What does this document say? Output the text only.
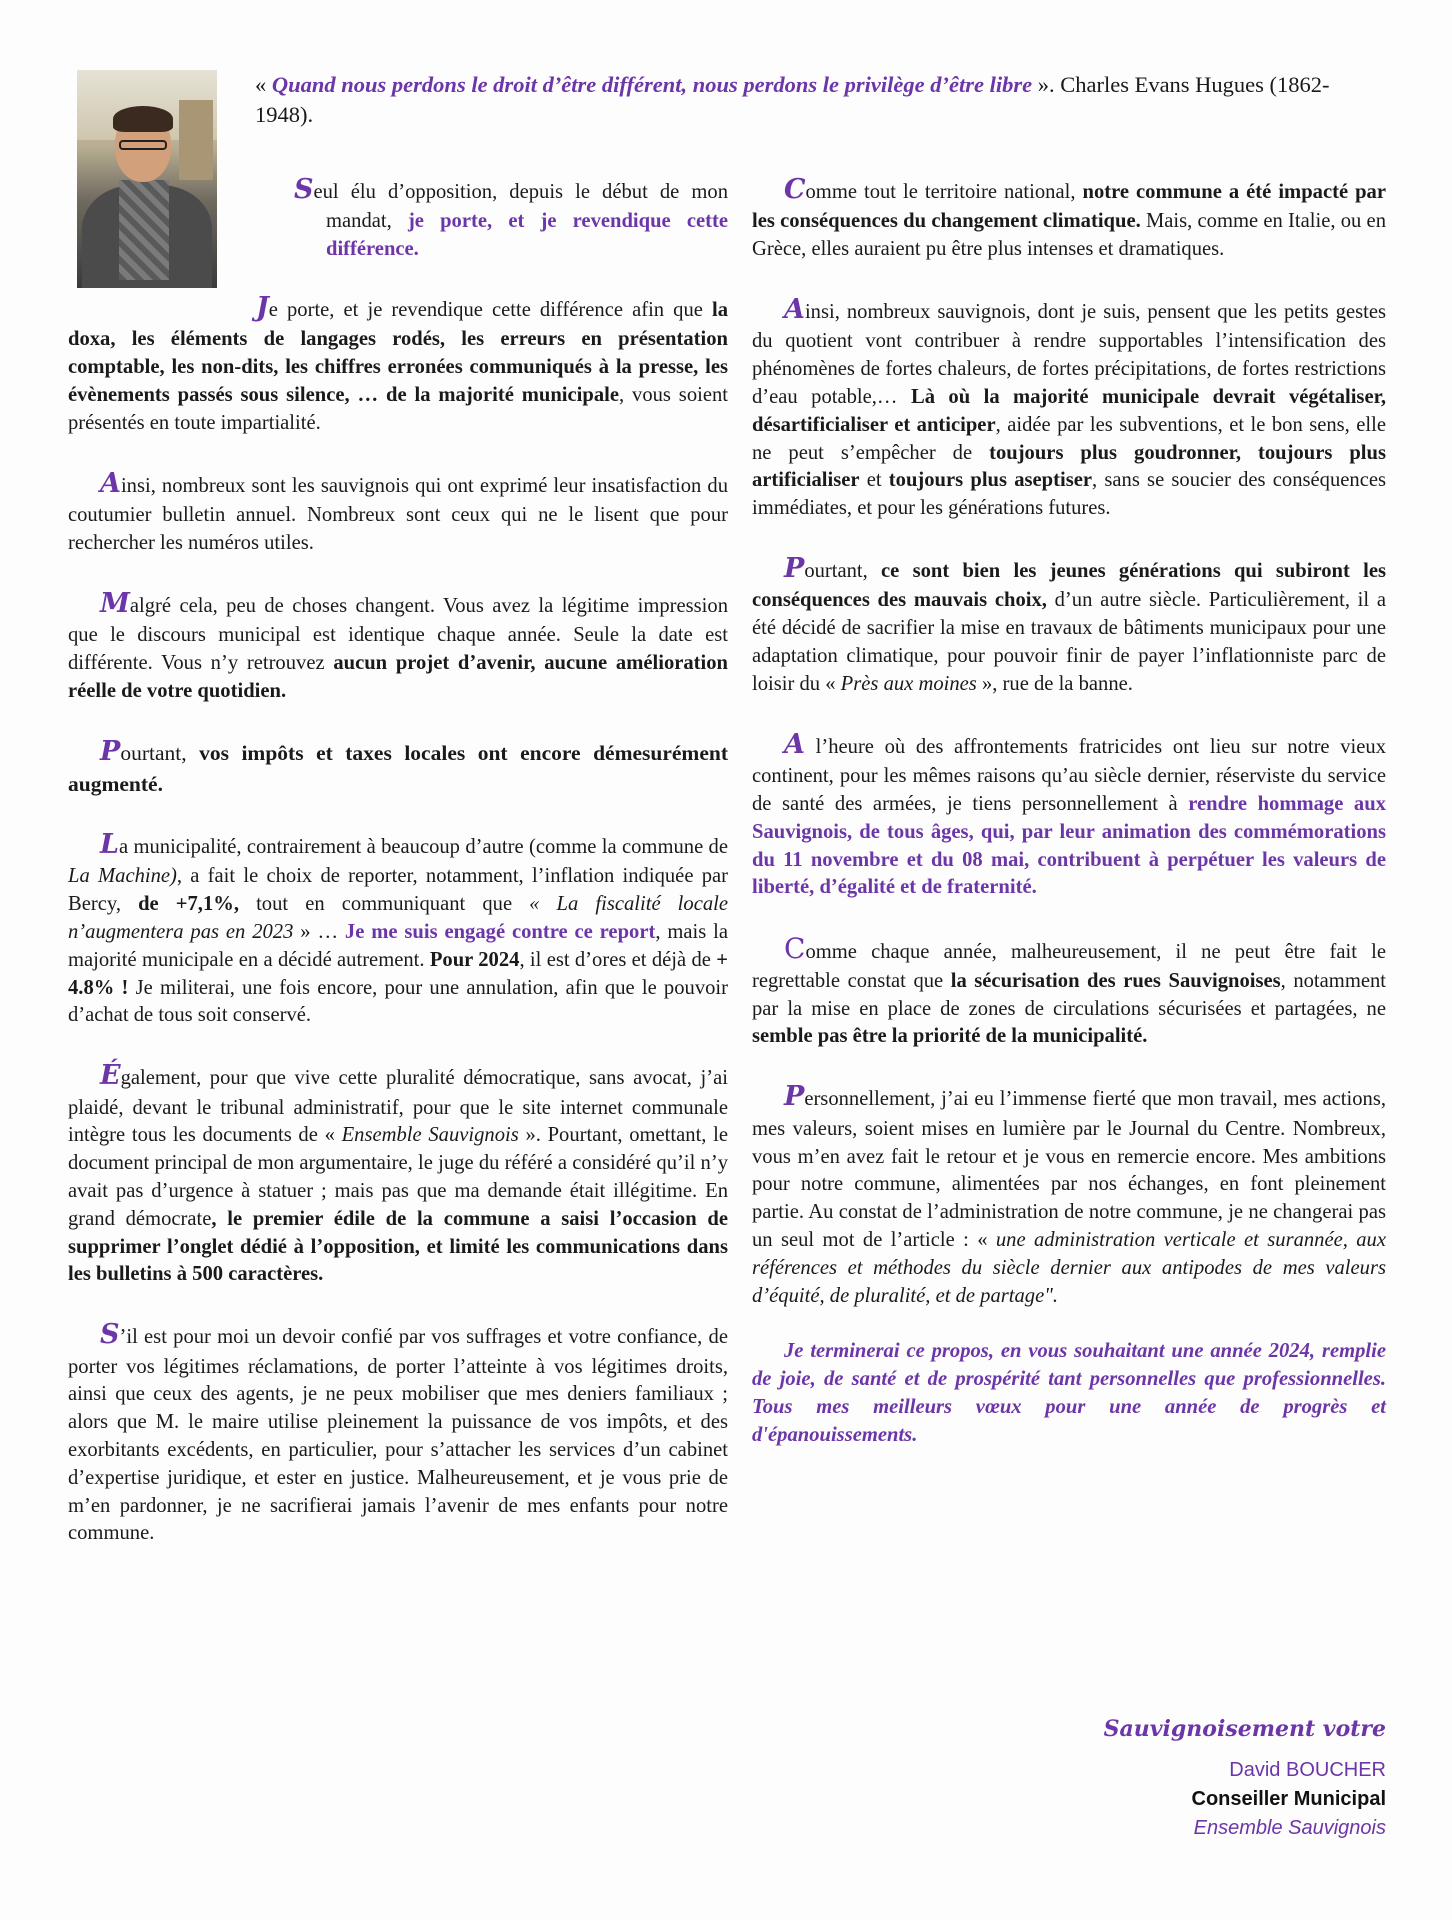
« Quand nous perdons le droit d’être différent, nous perdons le privilège d’être libre ». Charles Evans Hugues (1862-1948).

Seul élu d’opposition, depuis le début de mon mandat, je porte, et je revendique cette différence.

Je porte, et je revendique cette différence afin que la doxa, les éléments de langages rodés, les erreurs en présentation comptable, les non-dits, les chiffres erronées communiqués à la presse, les évènements passés sous silence, … de la majorité municipale, vous soient présentés en toute impartialité.

Ainsi, nombreux sont les sauvignois qui ont exprimé leur insatisfaction du coutumier bulletin annuel. Nombreux sont ceux qui ne le lisent que pour rechercher les numéros utiles.

Malgré cela, peu de choses changent. Vous avez la légitime impression que le discours municipal est identique chaque année. Seule la date est différente. Vous n’y retrouvez aucun projet d’avenir, aucune amélioration réelle de votre quotidien.

Pourtant, vos impôts et taxes locales ont encore démesurément augmenté.

La municipalité, contrairement à beaucoup d’autre (comme la commune de La Machine), a fait le choix de reporter, notamment, l’inflation indiquée par Bercy, de +7,1%, tout en communiquant que « La fiscalité locale n’augmentera pas en 2023 » … Je me suis engagé contre ce report, mais la majorité municipale en a décidé autrement. Pour 2024, il est d’ores et déjà de + 4.8% ! Je militerai, une fois encore, pour une annulation, afin que le pouvoir d’achat de tous soit conservé.

Également, pour que vive cette pluralité démocratique, sans avocat, j’ai plaidé, devant le tribunal administratif, pour que le site internet communale intègre tous les documents de « Ensemble Sauvignois ». Pourtant, omettant, le document principal de mon argumentaire, le juge du référé a considéré qu’il n’y avait pas d’urgence à statuer ; mais pas que ma demande était illégitime. En grand démocrate, le premier édile de la commune a saisi l’occasion de supprimer l’onglet dédié à l’opposition, et limité les communications dans les bulletins à 500 caractères.

S’il est pour moi un devoir confié par vos suffrages et votre confiance, de porter vos légitimes réclamations, de porter l’atteinte à vos légitimes droits, ainsi que ceux des agents, je ne peux mobiliser que mes deniers familiaux ; alors que M. le maire utilise pleinement la puissance de vos impôts, et des exorbitants excédents, en particulier, pour s’attacher les services d’un cabinet d’expertise juridique, et ester en justice. Malheureusement, et je vous prie de m’en pardonner, je ne sacrifierai jamais l’avenir de mes enfants pour notre commune.

Comme tout le territoire national, notre commune a été impacté par les conséquences du changement climatique. Mais, comme en Italie, ou en Grèce, elles auraient pu être plus intenses et dramatiques.

Ainsi, nombreux sauvignois, dont je suis, pensent que les petits gestes du quotient vont contribuer à rendre supportables l’intensification des phénomènes de fortes chaleurs, de fortes précipitations, de fortes restrictions d’eau potable,… Là où la majorité municipale devrait végétaliser, désartificialiser et anticiper, aidée par les subventions, et le bon sens, elle ne peut s’empêcher de toujours plus goudronner, toujours plus artificialiser et toujours plus aseptiser, sans se soucier des conséquences immédiates, et pour les générations futures.

Pourtant, ce sont bien les jeunes générations qui subiront les conséquences des mauvais choix, d’un autre siècle. Particulièrement, il a été décidé de sacrifier la mise en travaux de bâtiments municipaux pour une adaptation climatique, pour pouvoir finir de payer l’inflationniste parc de loisir du « Près aux moines », rue de la banne.

A l’heure où des affrontements fratricides ont lieu sur notre vieux continent, pour les mêmes raisons qu’au siècle dernier, réserviste du service de santé des armées, je tiens personnellement à rendre hommage aux Sauvignois, de tous âges, qui, par leur animation des commémorations du 11 novembre et du 08 mai, contribuent à perpétuer les valeurs de liberté, d’égalité et de fraternité.

Comme chaque année, malheureusement, il ne peut être fait le regrettable constat que la sécurisation des rues Sauvignoises, notamment par la mise en place de zones de circulations sécurisées et partagées, ne semble pas être la priorité de la municipalité.

Personnellement, j’ai eu l’immense fierté que mon travail, mes actions, mes valeurs, soient mises en lumière par le Journal du Centre. Nombreux, vous m’en avez fait le retour et je vous en remercie encore. Mes ambitions pour notre commune, alimentées par nos échanges, en font pleinement partie. Au constat de l’administration de notre commune, je ne changerai pas un seul mot de l’article : « une administration verticale et surannée, aux références et méthodes du siècle dernier aux antipodes de mes valeurs d’équité, de pluralité, et de partage".

Je terminerai ce propos, en vous souhaitant une année 2024, remplie de joie, de santé et de prospérité tant personnelles que professionnelles. Tous mes meilleurs vœux pour une année de progrès et d'épanouissements.

Sauvignoisement votre
David BOUCHER
Conseiller Municipal
Ensemble Sauvignois
